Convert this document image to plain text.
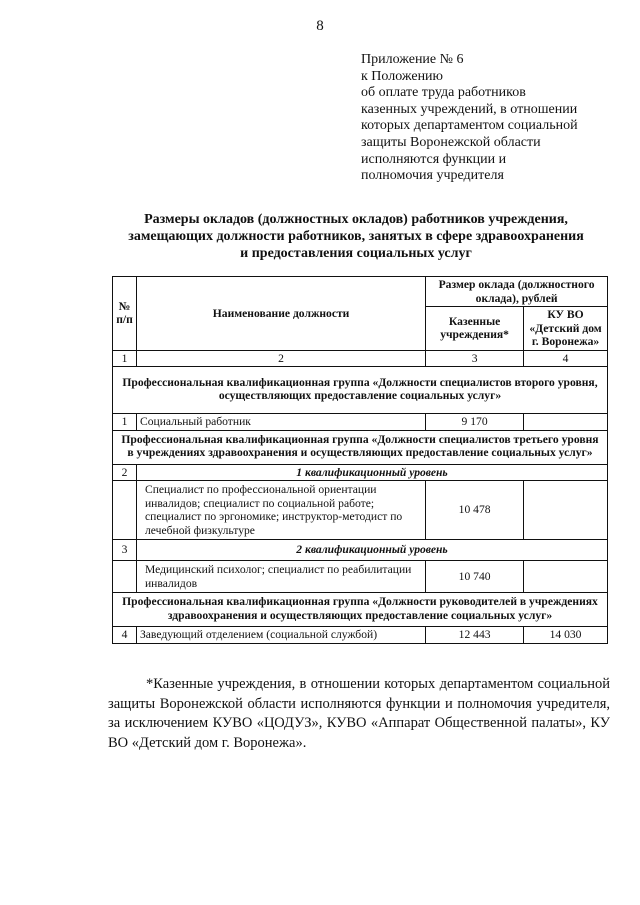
8
Приложение № 6
к Положению
об оплате труда работников
казенных учреждений, в отношении
которых департаментом социальной
защиты Воронежской области
исполняются функции и
полномочия учредителя
Размеры окладов (должностных окладов) работников учреждения,
замещающих должности работников, занятых в сфере здравоохранения
и предоставления социальных услуг
№ п/п	Наименование должности	Размер оклада (должностного оклада), рублей	
		Казенные учреждения*	КУ ВО «Детский дом г. Воронежа»
1	2	3	4
Профессиональная квалификационная группа «Должности специалистов второго уровня, осуществляющих предоставление социальных услуг»			
1	Социальный работник	9 170	
Профессиональная квалификационная группа «Должности специалистов третьего уровня в учреждениях здравоохранения и осуществляющих предоставление социальных услуг»			
2	1 квалификационный уровень		
	Специалист по профессиональной ориентации инвалидов; специалист по социальной работе; специалист по эргономике; инструктор-методист по лечебной физкультуре	10 478	
3	2 квалификационный уровень		
	Медицинский психолог; специалист по реабилитации инвалидов	10 740	
Профессиональная квалификационная группа «Должности руководителей в учреждениях здравоохранения и осуществляющих предоставление социальных услуг»			
4	Заведующий отделением (социальной службой)	12 443	14 030
*Казенные учреждения, в отношении которых департаментом социальной защиты Воронежской области исполняются функции и полномочия учредителя, за исключением КУВО «ЦОДУЗ», КУВО «Аппарат Общественной палаты», КУ ВО «Детский дом г. Воронежа».
